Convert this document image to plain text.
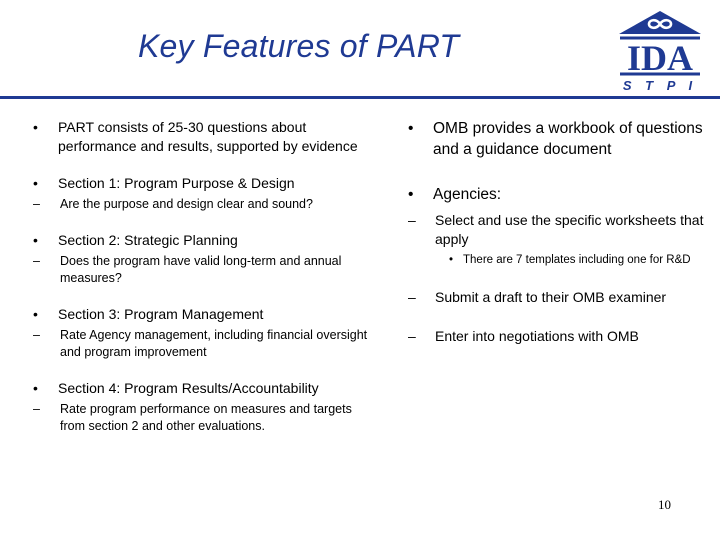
Key Features of PART	IDA
S T P I
• PART consists of 25-30 questions about performance and results, supported by evidence
• Section 1: Program Purpose & Design
– Are the purpose and design clear and sound?
• Section 2: Strategic Planning
– Does the program have valid long-term and annual measures?
• Section 3: Program Management
– Rate Agency management, including financial oversight and program improvement
• Section 4: Program Results/Accountability
– Rate program performance on measures and targets from section 2 and other evaluations.
• OMB provides a workbook of questions and a guidance document
• Agencies:
– Select and use the specific worksheets that apply
• There are 7 templates including one for R&D
– Submit a draft to their OMB examiner
– Enter into negotiations with OMB
10
